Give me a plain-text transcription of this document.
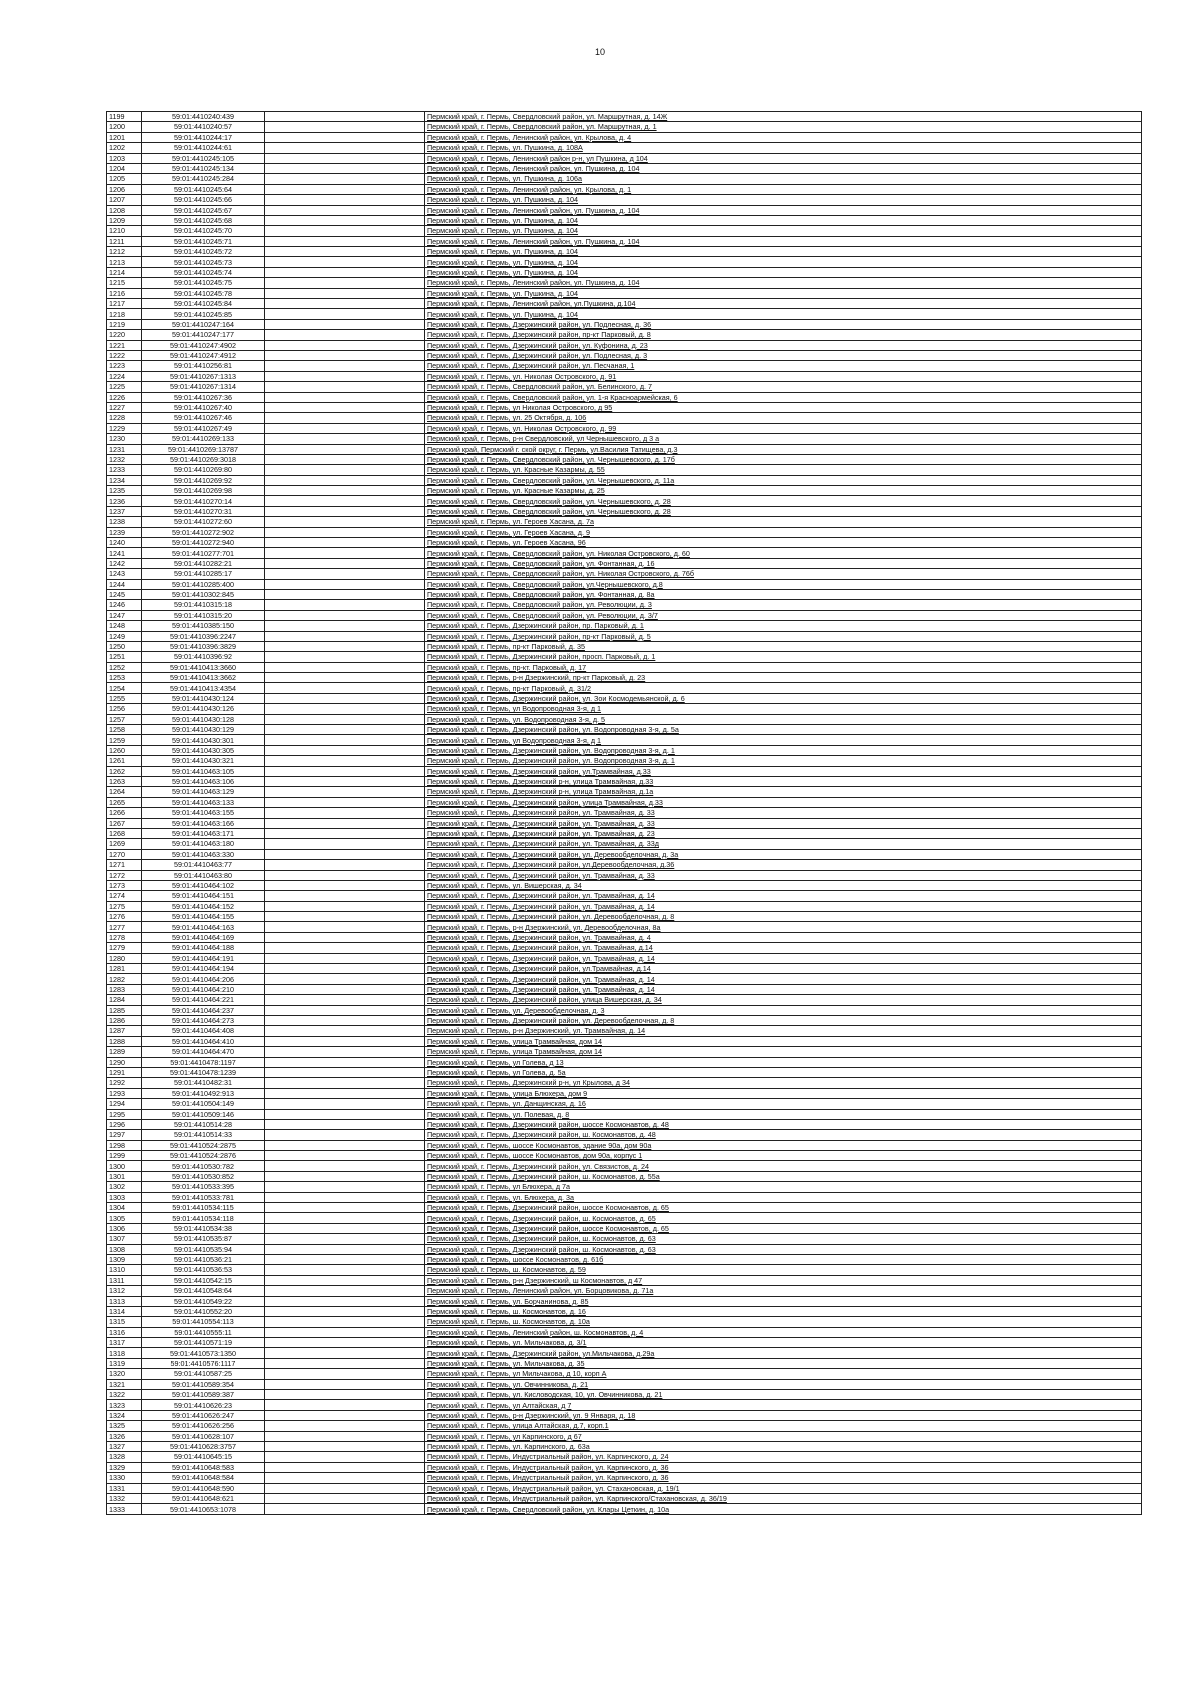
10
1199	59:01:4410240:439		Пермский край, г. Пермь, Свердловский район, ул. Маршрутная, д. 14Ж
1200	59:01:4410240:57		Пермский край, г. Пермь, Свердловский район, ул. Маршрутная, д. 1
1201	59:01:4410244:17		Пермский край, г. Пермь, Ленинский район, ул. Крылова, д. 4
1202	59:01:4410244:61		Пермский край, г. Пермь, ул. Пушкина, д. 108А
1203	59:01:4410245:105		Пермский край, г. Пермь, Ленинский район р-н, ул Пушкина, д 104
1204	59:01:4410245:134		Пермский край, г. Пермь, Ленинский район, ул. Пушкина, д. 104
1205	59:01:4410245:284		Пермский край, г. Пермь, ул. Пушкина, д. 106а
1206	59:01:4410245:64		Пермский край, г. Пермь, Ленинский район, ул. Крылова, д. 1
1207	59:01:4410245:66		Пермский край, г. Пермь, ул. Пушкина, д. 104
1208	59:01:4410245:67		Пермский край, г. Пермь, Ленинский район, ул. Пушкина, д. 104
1209	59:01:4410245:68		Пермский край, г. Пермь, ул. Пушкина, д. 104
1210	59:01:4410245:70		Пермский край, г. Пермь, ул. Пушкина, д. 104
1211	59:01:4410245:71		Пермский край, г. Пермь, Ленинский район, ул. Пушкина, д. 104
1212	59:01:4410245:72		Пермский край, г. Пермь, ул. Пушкина, д. 104
1213	59:01:4410245:73		Пермский край, г. Пермь, ул. Пушкина, д. 104
1214	59:01:4410245:74		Пермский край, г. Пермь, ул. Пушкина, д. 104
1215	59:01:4410245:75		Пермский край, г. Пермь, Ленинский район, ул. Пушкина, д. 104
1216	59:01:4410245:78		Пермский край, г. Пермь, ул. Пушкина, д. 104
1217	59:01:4410245:84		Пермский край, г. Пермь, Ленинский район, ул.Пушкина, д.104
1218	59:01:4410245:85		Пермский край, г. Пермь, ул. Пушкина, д. 104
1219	59:01:4410247:164		Пермский край, г. Пермь, Дзержинский район, ул. Подлесная, д. 36
1220	59:01:4410247:177		Пермский край, г. Пермь, Дзержинский район, пр-кт Парковый, д. 8
1221	59:01:4410247:4902		Пермский край, г. Пермь, Дзержинский район, ул. Куфонина, д. 23
1222	59:01:4410247:4912		Пермский край, г. Пермь, Дзержинский район, ул. Подлесная, д. 3
1223	59:01:4410256:81		Пермский край, г. Пермь, Дзержинский район, ул. Песчаная, 1
1224	59:01:4410267:1313		Пермский край, г. Пермь, ул. Николая Островского, д. 91
1225	59:01:4410267:1314		Пермский край, г. Пермь, Свердловский район, ул. Белинского, д. 7
1226	59:01:4410267:36		Пермский край, г. Пермь, Свердловский район, ул. 1-я Красноармейская, 6
1227	59:01:4410267:40		Пермский край, г. Пермь, ул Николая Островского, д 95
1228	59:01:4410267:46		Пермский край, г. Пермь, ул. 25 Октября, д. 106
1229	59:01:4410267:49		Пермский край, г. Пермь, ул. Николая Островского, д. 99
1230	59:01:4410269:133		Пермский край, г. Пермь, р-н Свердловский, ул Чернышевского, д 3 а
1231	59:01:4410269:13787		Пермский край, Пермский г. ской округ, г. Пермь, ул.Василия Татищева, д.3
1232	59:01:4410269:3018		Пермский край, г. Пермь, Свердловский район, ул. Чернышевского, д. 17б
1233	59:01:4410269:80		Пермский край, г. Пермь, ул. Красные Казармы, д. 55
1234	59:01:4410269:92		Пермский край, г. Пермь, Свердловский район, ул. Чернышевского, д. 11а
1235	59:01:4410269:98		Пермский край, г. Пермь, ул. Красные Казармы, д. 25
1236	59:01:4410270:14		Пермский край, г. Пермь, Свердловский район, ул. Чернышевского, д. 28
1237	59:01:4410270:31		Пермский край, г. Пермь, Свердловский район, ул. Чернышевского, д. 28
1238	59:01:4410272:60		Пермский край, г. Пермь, ул. Героев Хасана, д. 7а
1239	59:01:4410272:902		Пермский край, г. Пермь, ул. Героев Хасана, д. 9
1240	59:01:4410272:940		Пермский край, г. Пермь, ул. Героев Хасана, 96
1241	59:01:4410277:701		Пермский край, г. Пермь, Свердловский район, ул. Николая Островского, д. 60
1242	59:01:4410282:21		Пермский край, г. Пермь, Свердловский район, ул. Фонтанная, д. 16
1243	59:01:4410285:17		Пермский край, г. Пермь, Свердловский район, ул. Николая Островского, д. 76б
1244	59:01:4410285:400		Пермский край, г. Пермь, Свердловский район, ул.Чернышевского, д.8
1245	59:01:4410302:845		Пермский край, г. Пермь, Свердловский район, ул. Фонтанная, д. 8а
1246	59:01:4410315:18		Пермский край, г. Пермь, Свердловский район, ул. Революции, д. 3
1247	59:01:4410315:20		Пермский край, г. Пермь, Свердловский район, ул. Революции, д. 3/7
1248	59:01:4410385:150		Пермский край, г. Пермь, Дзержинский район, пр. Парковый, д. 1
1249	59:01:4410396:2247		Пермский край, г. Пермь, Дзержинский район, пр-кт Парковый, д. 5
1250	59:01:4410396:3829		Пермский край, г. Пермь, пр-кт Парковый, д. 35
1251	59:01:4410396:92		Пермский край, г. Пермь, Дзержинский район, просп. Парковый, д. 1
1252	59:01:4410413:3660		Пермский край, г. Пермь, пр-кт. Парковый, д. 17
1253	59:01:4410413:3662		Пермский край, г. Пермь, р-н Дзержинский, пр-кт Парковый, д. 23
1254	59:01:4410413:4354		Пермский край, г. Пермь, пр-кт Парковый, д. 31/2
1255	59:01:4410430:124		Пермский край, г. Пермь, Дзержинский район, ул. Зои Космодемьянской, д. 6
1256	59:01:4410430:126		Пермский край, г. Пермь, ул Водопроводная 3-я, д 1
1257	59:01:4410430:128		Пермский край, г. Пермь, ул. Водопроводная 3-я, д. 5
1258	59:01:4410430:129		Пермский край, г. Пермь, Дзержинский район, ул. Водопроводная 3-я, д. 5а
1259	59:01:4410430:301		Пермский край, г. Пермь, ул Водопроводная 3-я, д 1
1260	59:01:4410430:305		Пермский край, г. Пермь, Дзержинский район, ул. Водопроводная 3-я, д. 1
1261	59:01:4410430:321		Пермский край, г. Пермь, Дзержинский район, ул. Водопроводная 3-я, д. 1
1262	59:01:4410463:105		Пермский край, г. Пермь, Дзержинский район, ул.Трамвайная, д.33
1263	59:01:4410463:106		Пермский край, г. Пермь, Дзержинский р-н, улица Трамвайная, д.33
1264	59:01:4410463:129		Пермский край, г. Пермь, Дзержинский р-н, улица Трамвайная, д.1а
1265	59:01:4410463:133		Пермский край, г. Пермь, Дзержинский район, улица Трамвайная, д.33
1266	59:01:4410463:155		Пермский край, г. Пермь, Дзержинский район, ул. Трамвайная, д. 33
1267	59:01:4410463:166		Пермский край, г. Пермь, Дзержинский район, ул. Трамвайная, д. 33
1268	59:01:4410463:171		Пермский край, г. Пермь, Дзержинский район, ул. Трамвайная, д. 23
1269	59:01:4410463:180		Пермский край, г. Пермь, Дзержинский район, ул. Трамвайная, д. 33д
1270	59:01:4410463:330		Пермский край, г. Пермь, Дзержинский район, ул. Деревообделочная, д. 3а
1271	59:01:4410463:77		Пермский край, г. Пермь, Дзержинский район, ул.Деревообделочная, д.36
1272	59:01:4410463:80		Пермский край, г. Пермь, Дзержинский район, ул. Трамвайная, д. 33
1273	59:01:4410464:102		Пермский край, г. Пермь, ул. Вишерская, д. 34
1274	59:01:4410464:151		Пермский край, г. Пермь, Дзержинский район, ул. Трамвайная, д. 14
1275	59:01:4410464:152		Пермский край, г. Пермь, Дзержинский район, ул. Трамвайная, д. 14
1276	59:01:4410464:155		Пермский край, г. Пермь, Дзержинский район, ул. Деревообделочная, д. 8
1277	59:01:4410464:163		Пермский край, г. Пермь, р-н Дзержинский, ул. Деревообделочная, 8а
1278	59:01:4410464:169		Пермский край, г. Пермь, Дзержинский район, ул. Трамвайная, д. 4
1279	59:01:4410464:188		Пермский край, г. Пермь, Дзержинский район, ул. Трамвайная, д.14
1280	59:01:4410464:191		Пермский край, г. Пермь, Дзержинский район, ул. Трамвайная, д. 14
1281	59:01:4410464:194		Пермский край, г. Пермь, Дзержинский район, ул.Трамвайная, д.14
1282	59:01:4410464:206		Пермский край, г. Пермь, Дзержинский район, ул. Трамвайная, д. 14
1283	59:01:4410464:210		Пермский край, г. Пермь, Дзержинский район, ул. Трамвайная, д. 14
1284	59:01:4410464:221		Пермский край, г. Пермь, Дзержинский район, улица Вишерская, д. 34
1285	59:01:4410464:237		Пермский край, г. Пермь, ул. Деревообделочная, д. 3
1286	59:01:4410464:273		Пермский край, г. Пермь, Дзержинский район, ул. Деревообделочная, д. 8
1287	59:01:4410464:408		Пермский край, г. Пермь, р-н Дзержинский, ул. Трамвайная, д. 14
1288	59:01:4410464:410		Пермский край, г. Пермь, улица Трамвайная, дом 14
1289	59:01:4410464:470		Пермский край, г. Пермь, улица Трамвайная, дом 14
1290	59:01:4410478:1197		Пермский край, г. Пермь, ул Голева, д 13
1291	59:01:4410478:1239		Пермский край, г. Пермь, ул Голева, д. 5а
1292	59:01:4410482:31		Пермский край, г. Пермь, Дзержинский р-н, ул Крылова, д 34
1293	59:01:4410492:913		Пермский край, г. Пермь, улица Блюхера, дом 9
1294	59:01:4410504:149		Пермский край, г. Пермь, ул. Данщинская, д. 16
1295	59:01:4410509:146		Пермский край, г. Пермь, ул. Полевая, д. 8
1296	59:01:4410514:28		Пермский край, г. Пермь, Дзержинский район, шоссе Космонавтов, д. 48
1297	59:01:4410514:33		Пермский край, г. Пермь, Дзержинский район, ш. Космонавтов, д. 48
1298	59:01:4410524:2875		Пермский край, г. Пермь, шоссе Космонавтов, здание 90а, дом 90а
1299	59:01:4410524:2876		Пермский край, г. Пермь, шоссе Космонавтов, дом 90а, корпус 1
1300	59:01:4410530:782		Пермский край, г. Пермь, Дзержинский район, ул. Связистов, д. 24
1301	59:01:4410530:852		Пермский край, г. Пермь, Дзержинский район, ш. Космонавтов, д. 55а
1302	59:01:4410533:395		Пермский край, г. Пермь, ул Блюхера, д 7а
1303	59:01:4410533:781		Пермский край, г. Пермь, ул. Блюхера, д. 3а
1304	59:01:4410534:115		Пермский край, г. Пермь, Дзержинский район, шоссе Космонавтов, д. 65
1305	59:01:4410534:118		Пермский край, г. Пермь, Дзержинский район, ш. Космонавтов, д. 65
1306	59:01:4410534:38		Пермский край, г. Пермь, Дзержинский район, шоссе Космонавтов, д. 65
1307	59:01:4410535:87		Пермский край, г. Пермь, Дзержинский район, ш. Космонавтов, д. 63
1308	59:01:4410535:94		Пермский край, г. Пермь, Дзержинский район, ш. Космонавтов, д. 63
1309	59:01:4410536:21		Пермский край, г. Пермь, шоссе Космонавтов, д. 61б
1310	59:01:4410536:53		Пермский край, г. Пермь, ш. Космонавтов, д. 59
1311	59:01:4410542:15		Пермский край, г. Пермь, р-н Дзержинский, ш Космонавтов, д 47
1312	59:01:4410548:64		Пермский край, г. Пермь, Ленинский район, ул. Борцовикова, д. 71а
1313	59:01:4410549:22		Пермский край, г. Пермь, ул. Борчаниновa, д. 85
1314	59:01:4410552:20		Пермский край, г. Пермь, ш. Космонавтов, д. 16
1315	59:01:4410554:113		Пермский край, г. Пермь, ш. Космонавтов, д. 10а
1316	59:01:4410555:11		Пермский край, г. Пермь, Ленинский район, ш. Космонавтов, д. 4
1317	59:01:4410571:19		Пермский край, г. Пермь, ул. Мильчакова, д. 3/1
1318	59:01:4410573:1350		Пермский край, г. Пермь, Дзержинский район, ул.Мильчакова, д.29а
1319	59:01:4410576:1117		Пермский край, г. Пермь, ул. Мильчакова, д. 35
1320	59:01:4410587:25		Пермский край, г. Пермь, ул Мильчакова, д 10, корп А
1321	59:01:4410589:354		Пермский край, г. Пермь, ул. Овчинникова, д. 21
1322	59:01:4410589:387		Пермский край, г. Пермь, ул. Кисловодская, 10, ул. Овчинникова, д. 21
1323	59:01:4410626:23		Пермский край, г. Пермь, ул Алтайская, д 7
1324	59:01:4410626:247		Пермский край, г. Пермь, р-н Дзержинский, ул. 9 Января, д. 18
1325	59:01:4410626:256		Пермский край, г. Пермь, улица Алтайская, д.7, корп.1
1326	59:01:4410628:107		Пермский край, г. Пермь, ул Карпинского, д 67
1327	59:01:4410628:3757		Пермский край, г. Пермь, ул. Карпинского, д. 63а
1328	59:01:4410645:15		Пермский край, г. Пермь, Индустриальный район, ул. Карпинского, д. 24
1329	59:01:4410648:583		Пермский край, г. Пермь, Индустриальный район, ул. Карпинского, д. 36
1330	59:01:4410648:584		Пермский край, г. Пермь, Индустриальный район, ул. Карпинского, д. 36
1331	59:01:4410648:590		Пермский край, г. Пермь, Индустриальный район, ул. Стахановская, д. 19/1
1332	59:01:4410648:621		Пермский край, г. Пермь, Индустриальный район, ул. Карпинского/Стахановская, д. 36/19
1333	59:01:4410653:1078		Пермский край, г. Пермь, Свердловский район, ул. Клары Цеткин, д. 10а
